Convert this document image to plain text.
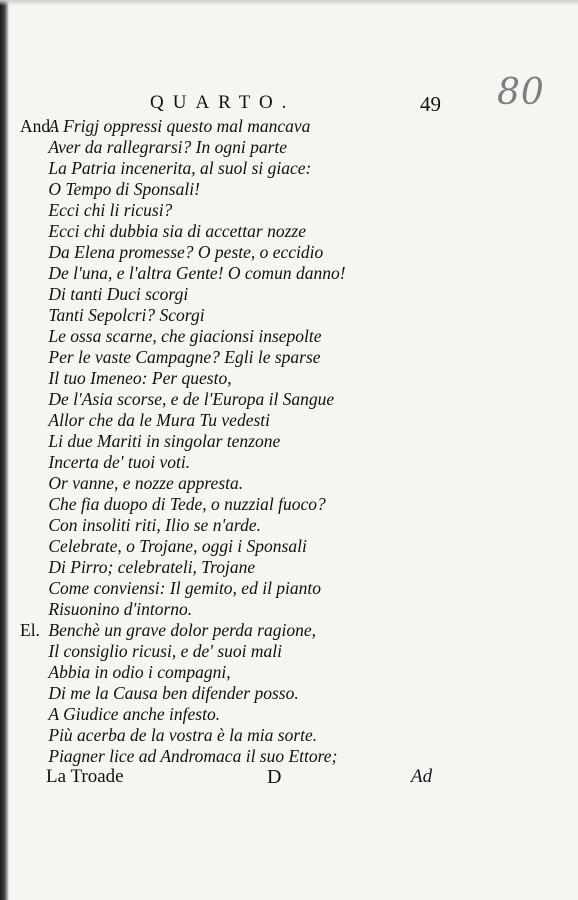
QUARTO.	49 80
And. A Frigj oppressi questo mal mancava
Aver da rallegrarsi? In ogni parte
La Patria incenerita, al suol si giace:
O Tempo di Sponsali!
Ecci chi li ricusi?
Ecci chi dubbia sia di accettar nozze
Da Elena promesse? O peste, o eccidio
De l'una, e l'altra Gente! O comun danno!
Di tanti Duci scorgi
Tanti Sepolcri? Scorgi
Le ossa scarne, che giacionsi insepolte
Per le vaste Campagne? Egli le sparse
Il tuo Imeneo: Per questo,
De l'Asia scorse, e de l'Europa il Sangue
Allor che da le Mura Tu vedesti
Li due Mariti in singolar tenzone
Incerta de' tuoi voti.
Or vanne, e nozze appresta.
Che fia duopo di Tede, o nuzzial fuoco?
Con insoliti riti, Ilio se n'arde.
Celebrate, o Trojane, oggi i Sponsali
Di Pirro; celebrateli, Trojane
Come conviensi: Il gemito, ed il pianto
Risuonino d'intorno.
El. Benchè un grave dolor perda ragione,
Il consiglio ricusi, e de' suoi mali
Abbia in odio i compagni,
Di me la Causa ben difender posso.
A Giudice anche infesto.
Più acerba de la vostra è la mia sorte.
Piagner lice ad Andromaca il suo Ettore;
La Troade	D	Ad
